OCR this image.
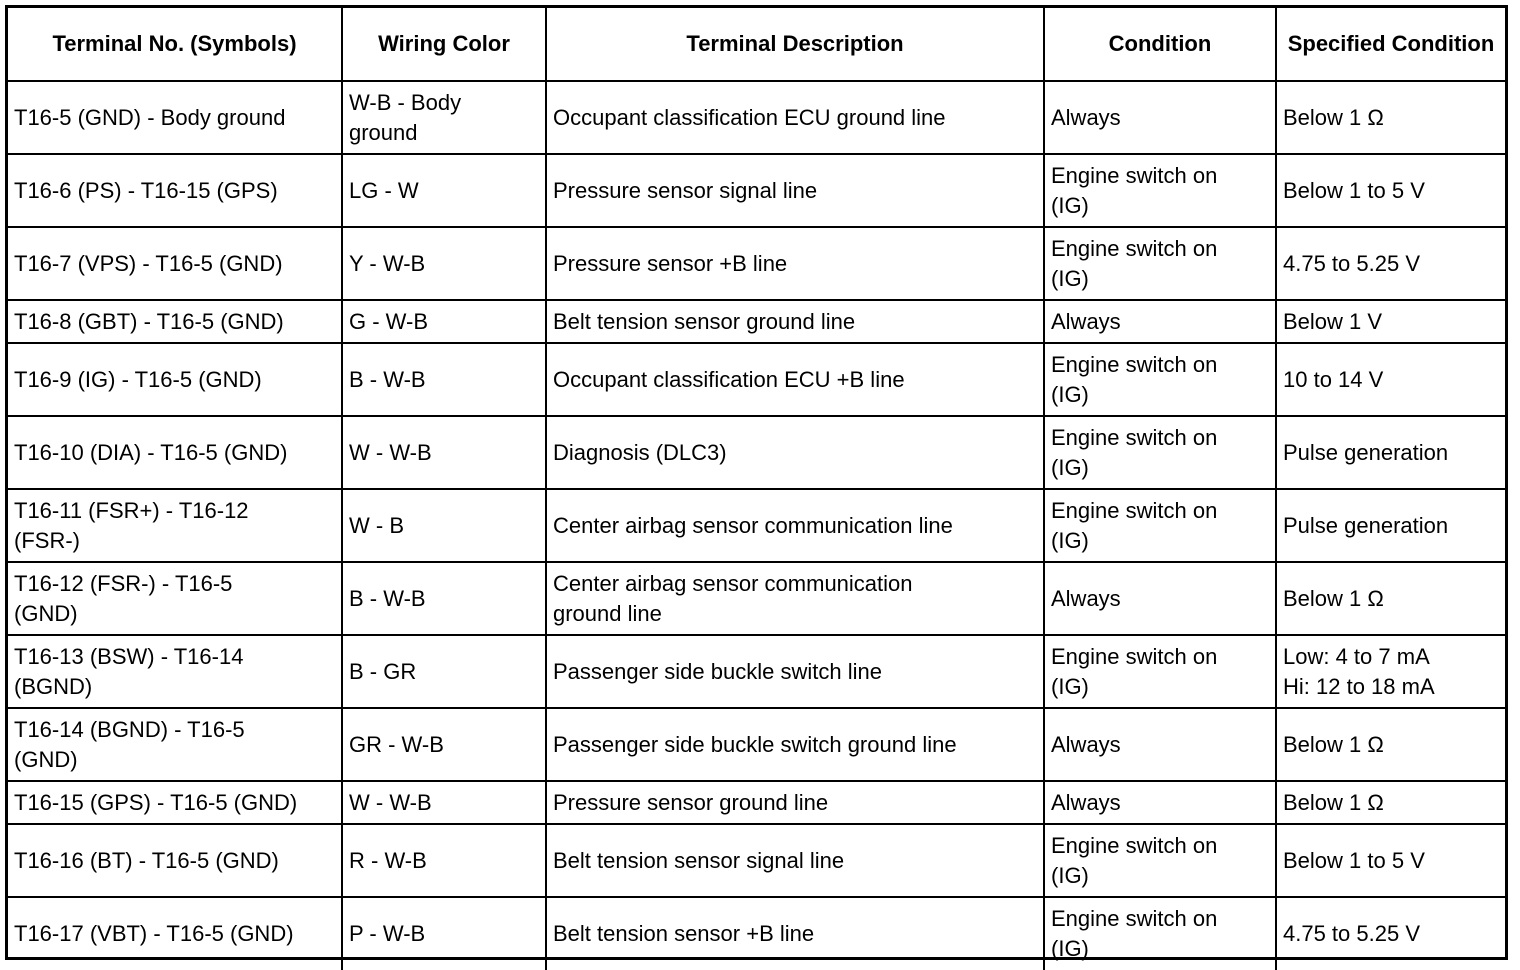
Terminal No. (Symbols)	Wiring Color	Terminal Description	Condition	Specified Condition

T16-5 (GND) - Body ground	W-B - Body
ground	Occupant classification ECU ground line	Always	Below 1 Ω

T16-6 (PS) - T16-15 (GPS)	LG - W	Pressure sensor signal line	Engine switch on
(IG)	Below 1 to 5 V

T16-7 (VPS) - T16-5 (GND)	Y - W-B	Pressure sensor +B line	Engine switch on
(IG)	4.75 to 5.25 V

T16-8 (GBT) - T16-5 (GND)	G - W-B	Belt tension sensor ground line	Always	Below 1 V

T16-9 (IG) - T16-5 (GND)	B - W-B	Occupant classification ECU +B line	Engine switch on
(IG)	10 to 14 V

T16-10 (DIA) - T16-5 (GND)	W - W-B	Diagnosis (DLC3)	Engine switch on
(IG)	Pulse generation

T16-11 (FSR+) - T16-12
(FSR-)	W - B	Center airbag sensor communication line	Engine switch on
(IG)	Pulse generation

T16-12 (FSR-) - T16-5
(GND)	B - W-B	Center airbag sensor communication
ground line	Always	Below 1 Ω

T16-13 (BSW) - T16-14
(BGND)	B - GR	Passenger side buckle switch line	Engine switch on
(IG)	Low: 4 to 7 mA
Hi: 12 to 18 mA

T16-14 (BGND) - T16-5
(GND)	GR - W-B	Passenger side buckle switch ground line	Always	Below 1 Ω

T16-15 (GPS) - T16-5 (GND)	W - W-B	Pressure sensor ground line	Always	Below 1 Ω

T16-16 (BT) - T16-5 (GND)	R - W-B	Belt tension sensor signal line	Engine switch on
(IG)	Below 1 to 5 V

T16-17 (VBT) - T16-5 (GND)	P - W-B	Belt tension sensor +B line	Engine switch on
(IG)	4.75 to 5.25 V
